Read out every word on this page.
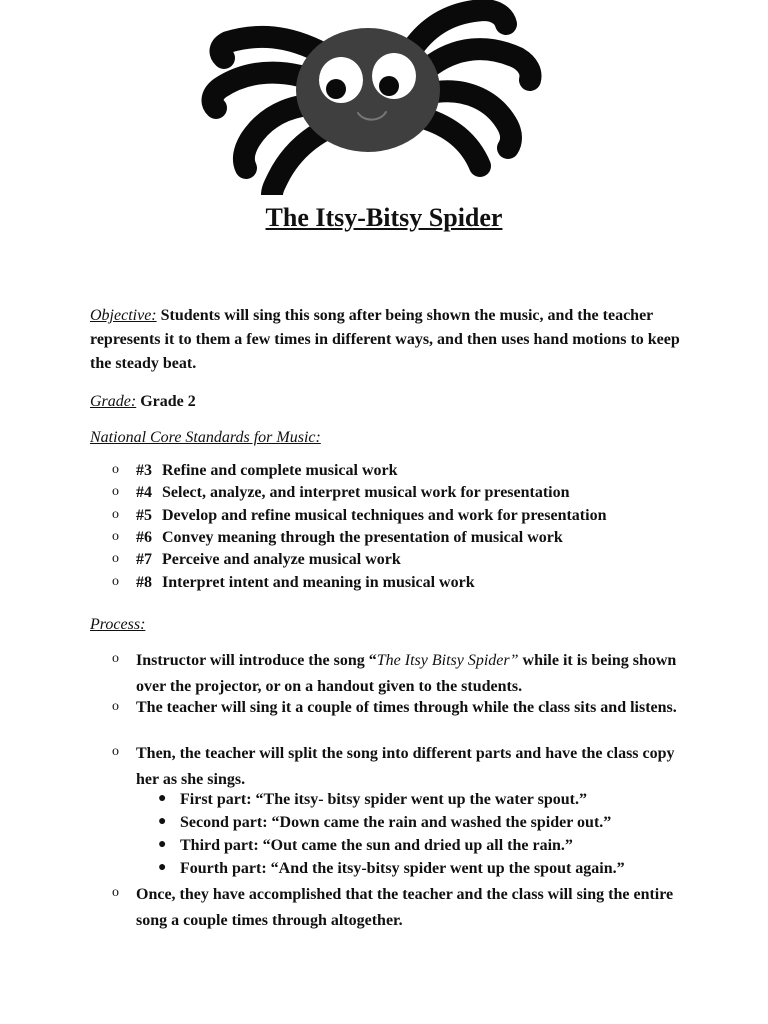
The Itsy-Bitsy Spider
Objective: Students will sing this song after being shown the music, and the teacher represents it to them a few times in different ways, and then uses hand motions to keep the steady beat.
Grade: Grade 2
National Core Standards for Music:
o #3 Refine and complete musical work
o #4 Select, analyze, and interpret musical work for presentation
o #5 Develop and refine musical techniques and work for presentation
o #6 Convey meaning through the presentation of musical work
o #7 Perceive and analyze musical work
o #8 Interpret intent and meaning in musical work
Process:
o Instructor will introduce the song “The Itsy Bitsy Spider” while it is being shown over the projector, or on a handout given to the students.
o The teacher will sing it a couple of times through while the class sits and listens.
o Then, the teacher will split the song into different parts and have the class copy her as she sings.
● First part: “The itsy- bitsy spider went up the water spout.”
● Second part: “Down came the rain and washed the spider out.”
● Third part: “Out came the sun and dried up all the rain.”
● Fourth part: “And the itsy-bitsy spider went up the spout again.”
o Once, they have accomplished that the teacher and the class will sing the entire song a couple times through altogether.
